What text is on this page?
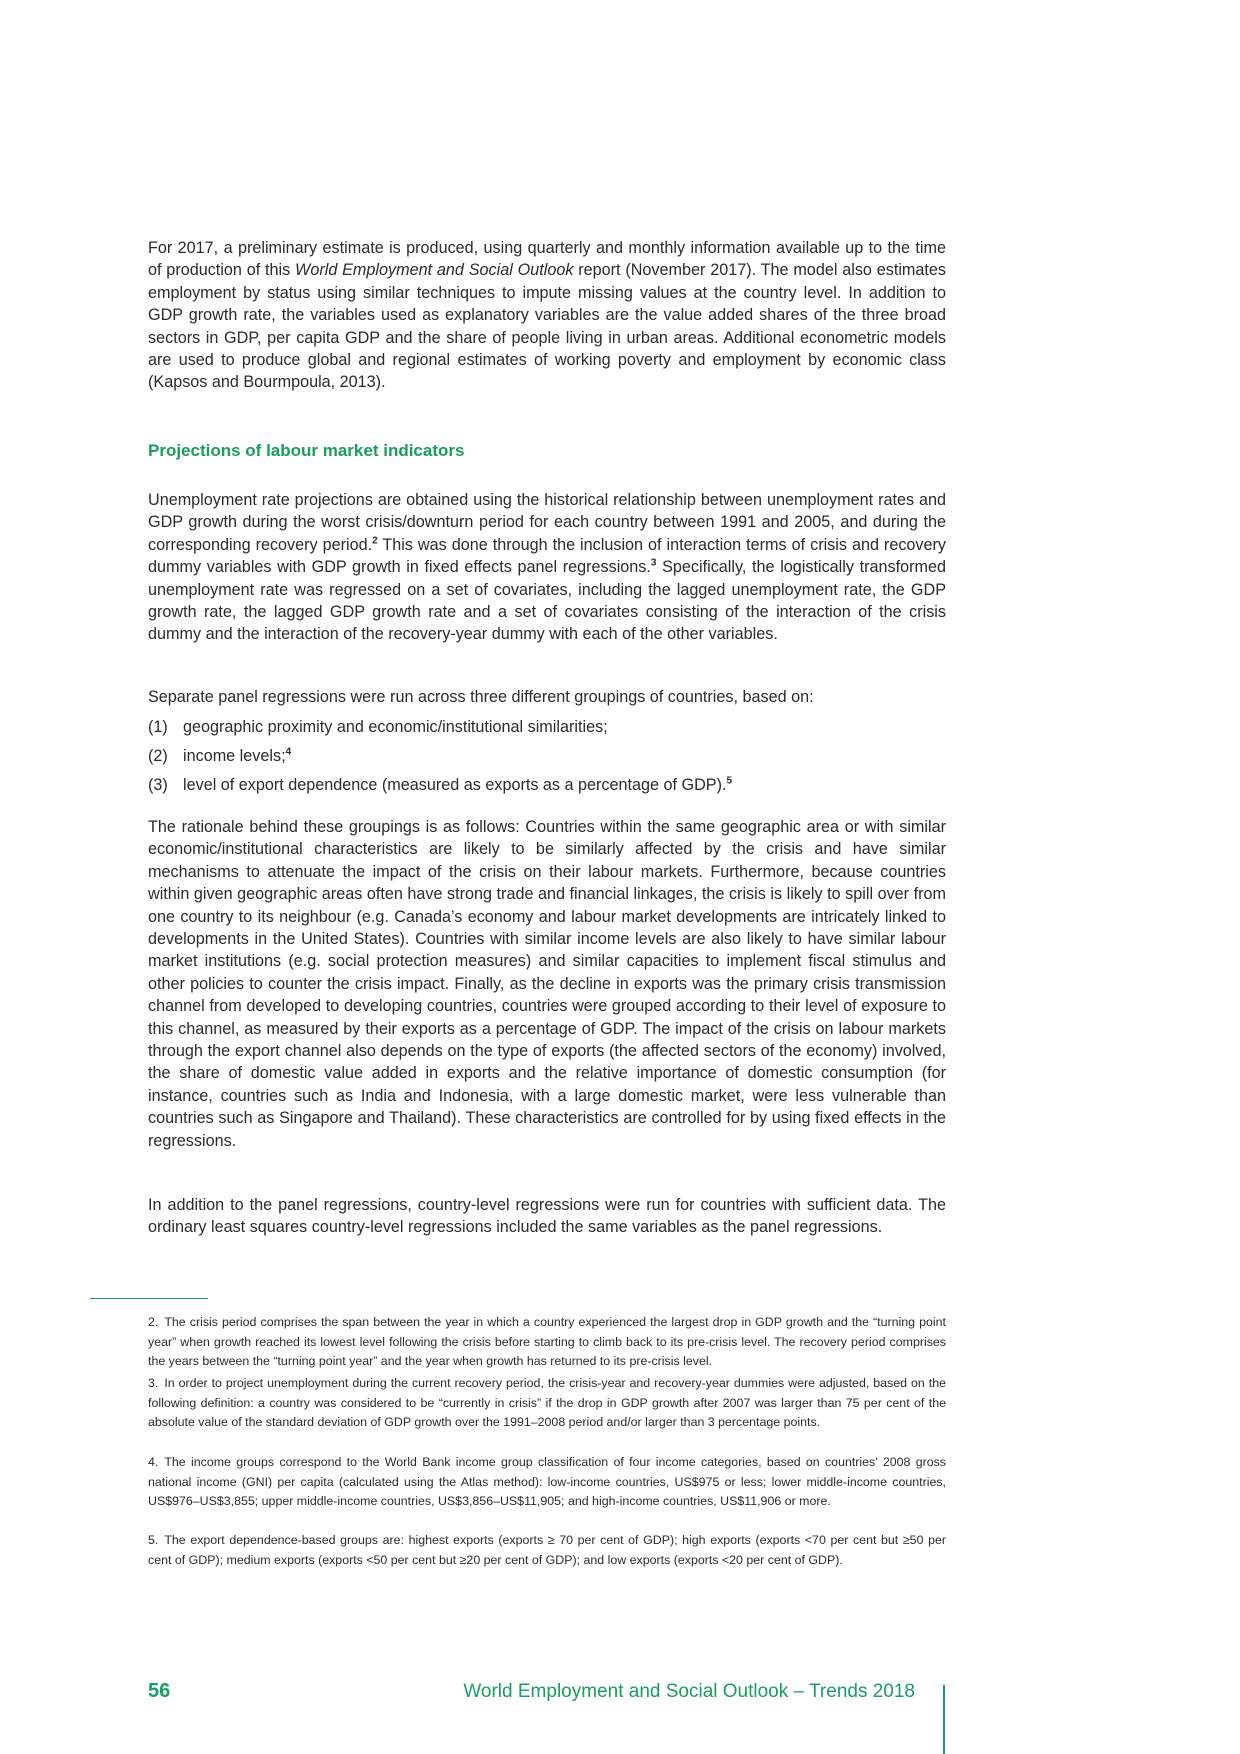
For 2017, a preliminary estimate is produced, using quarterly and monthly information available up to the time of production of this World Employment and Social Outlook report (November 2017). The model also estimates employment by status using similar techniques to impute missing values at the country level. In addition to GDP growth rate, the variables used as explanatory variables are the value added shares of the three broad sectors in GDP, per capita GDP and the share of people living in urban areas. Additional econometric models are used to produce global and regional estimates of working poverty and employment by economic class (Kapsos and Bourmpoula, 2013).

Projections of labour market indicators

Unemployment rate projections are obtained using the historical relationship between unemployment rates and GDP growth during the worst crisis/downturn period for each country between 1991 and 2005, and during the corresponding recovery period.$^2$ This was done through the inclusion of interaction terms of crisis and recovery dummy variables with GDP growth in fixed effects panel regressions.$^3$ Specifically, the logistically transformed unemployment rate was regressed on a set of covariates, including the lagged unemployment rate, the GDP growth rate, the lagged GDP growth rate and a set of covariates consisting of the interaction of the crisis dummy and the interaction of the recovery-year dummy with each of the other variables.

Separate panel regressions were run across three different groupings of countries, based on:

(1) geographic proximity and economic/institutional similarities;

(2) income levels;$^4$

(3) level of export dependence (measured as exports as a percentage of GDP).$^5$

The rationale behind these groupings is as follows: Countries within the same geographic area or with similar economic/institutional characteristics are likely to be similarly affected by the crisis and have similar mechanisms to attenuate the impact of the crisis on their labour markets. Furthermore, because countries within given geographic areas often have strong trade and financial linkages, the crisis is likely to spill over from one country to its neighbour (e.g. Canada’s economy and labour market developments are intricately linked to developments in the United States). Countries with similar income levels are also likely to have similar labour market institutions (e.g. social protection measures) and similar capacities to implement fiscal stimulus and other policies to counter the crisis impact. Finally, as the decline in exports was the primary crisis transmission channel from developed to developing countries, countries were grouped according to their level of exposure to this channel, as measured by their exports as a percentage of GDP. The impact of the crisis on labour markets through the export channel also depends on the type of exports (the affected sectors of the economy) involved, the share of domestic value added in exports and the relative importance of domestic consumption (for instance, countries such as India and Indonesia, with a large domestic market, were less vulnerable than countries such as Singapore and Thailand). These characteristics are controlled for by using fixed effects in the regressions.

In addition to the panel regressions, country-level regressions were run for countries with sufficient data. The ordinary least squares country-level regressions included the same variables as the panel regressions.

2. The crisis period comprises the span between the year in which a country experienced the largest drop in GDP growth and the “turning point year” when growth reached its lowest level following the crisis before starting to climb back to its pre-crisis level. The recovery period comprises the years between the “turning point year” and the year when growth has returned to its pre-crisis level.

3. In order to project unemployment during the current recovery period, the crisis-year and recovery-year dummies were adjusted, based on the following definition: a country was considered to be “currently in crisis” if the drop in GDP growth after 2007 was larger than 75 per cent of the absolute value of the standard deviation of GDP growth over the 1991–2008 period and/or larger than 3 percentage points.

4. The income groups correspond to the World Bank income group classification of four income categories, based on countries’ 2008 gross national income (GNI) per capita (calculated using the Atlas method): low-income countries, US$975 or less; lower middle-income countries, US$976–US$3,855; upper middle-income countries, US$3,856–US$11,905; and high-income countries, US$11,906 or more.

5. The export dependence-based groups are: highest exports (exports ≥ 70 per cent of GDP); high exports (exports <70 per cent but ≥50 per cent of GDP); medium exports (exports <50 per cent but ≥20 per cent of GDP); and low exports (exports <20 per cent of GDP).

56	World Employment and Social Outlook – Trends 2018
